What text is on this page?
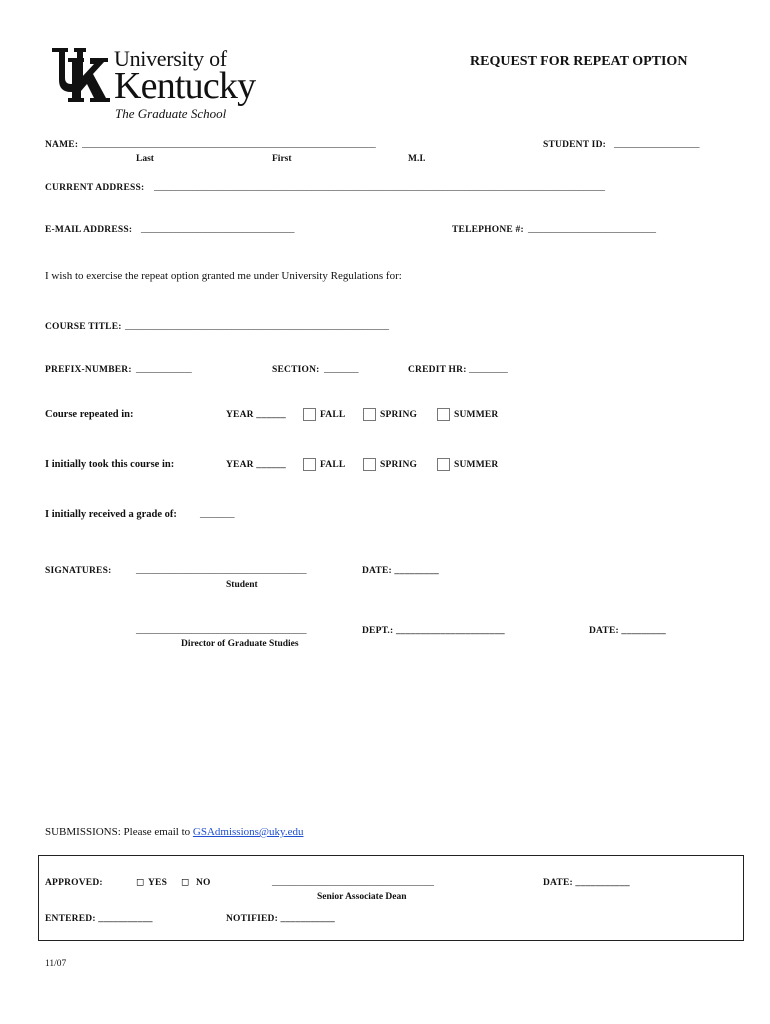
University of
Kentucky
The Graduate School
REQUEST FOR REPEAT OPTION
NAME: _____________________________________________________________________
Last	First	M.I.
STUDENT ID: ____________________
CURRENT ADDRESS: __________________________________________________________________________________________________________
E-MAIL ADDRESS: ____________________________________	TELEPHONE #: ______________________________
I wish to exercise the repeat option granted me under University Regulations for:
COURSE TITLE: ______________________________________________________________
PREFIX-NUMBER: _____________	SECTION: ________	CREDIT HR: _________
Course repeated in:	YEAR ______	FALL	SPRING	SUMMER
I initially took this course in:	YEAR ______	FALL	SPRING	SUMMER
I initially received a grade of: ________
SIGNATURES:	________________________________________	DATE: _________
Student
________________________________________	DEPT.: ______________________	DATE: _________
Director of Graduate Studies
SUBMISSIONS: Please email to GSAdmissions@uky.edu
APPROVED:	◻ YES ◻ NO	______________________________________
Senior Associate Dean
DATE: ___________
ENTERED: ___________	NOTIFIED: ___________
11/07
